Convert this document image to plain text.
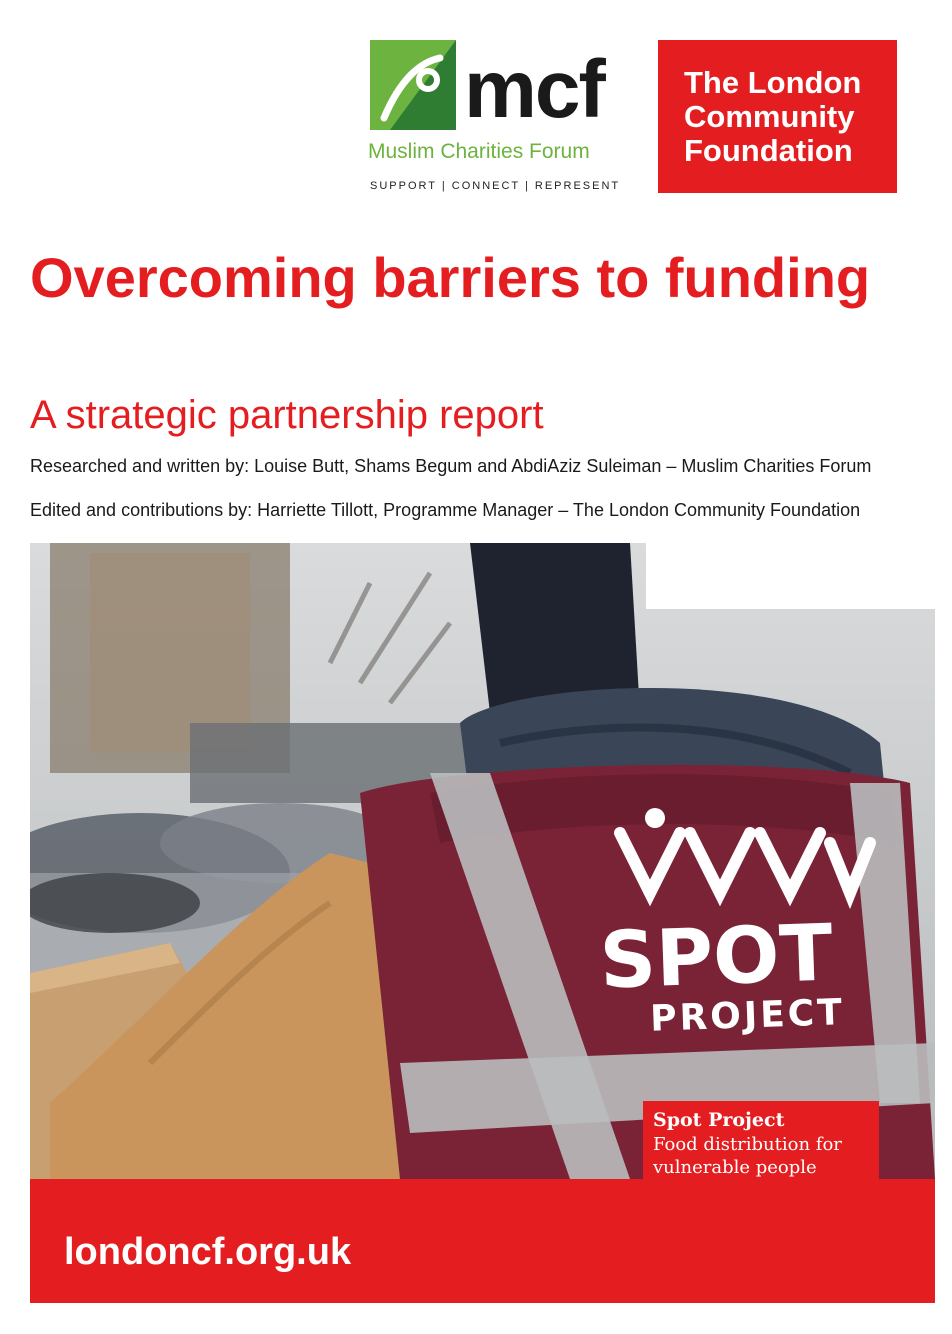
mcf
Muslim Charities Forum
SUPPORT | CONNECT | REPRESENT
The London
Community
Foundation
Overcoming barriers to funding
A strategic partnership report
Researched and written by: Louise Butt, Shams Begum and AbdiAziz Suleiman – Muslim Charities Forum
Edited and contributions by: Harriette Tillott, Programme Manager – The London Community Foundation
SPOT
PROJECT
Spot Project
Food distribution for
vulnerable people
londoncf.org.uk
